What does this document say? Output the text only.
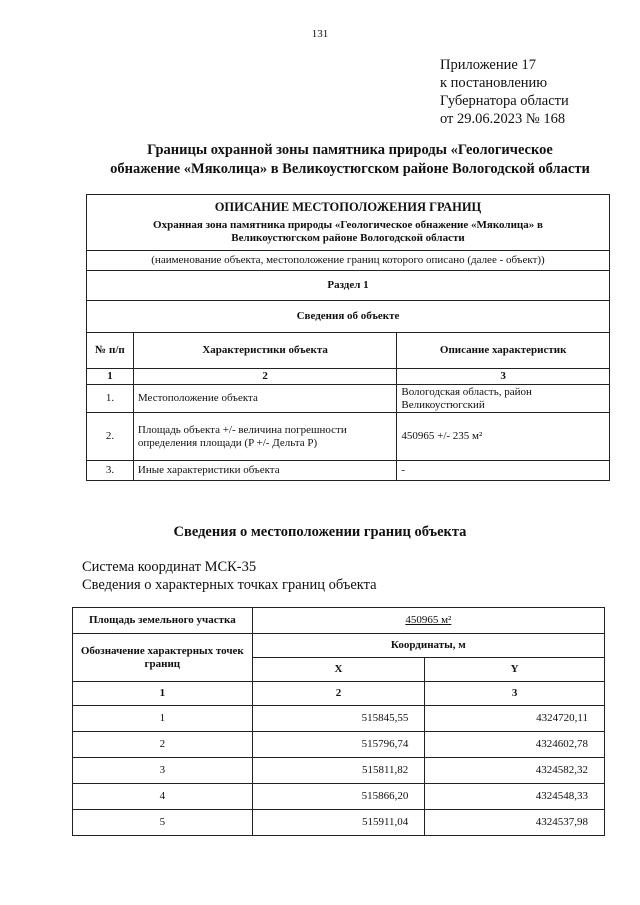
131
Приложение 17
к постановлению
Губернатора области
от 29.06.2023 № 168
Границы охранной зоны памятника природы «Геологическое
обнажение «Мяколица» в Великоустюгском районе Вологодской области
ОПИСАНИЕ МЕСТОПОЛОЖЕНИЯ ГРАНИЦ
Охранная зона памятника природы «Геологическое обнажение «Мяколица» в Великоустюгском районе Вологодской области		

(наименование объекта, местоположение границ которого описано (далее - объект))		
Раздел 1		
Сведения об объекте		
№ п/п	Характеристики объекта	Описание характеристик
1	2	3
1.	Местоположение объекта	Вологодская область, район Великоустюгский
2.	Площадь объекта +/- величина погрешности определения площади (P +/- Дельта P)	450965 +/- 235 м²
3.	Иные характеристики объекта	-
Сведения о местоположении границ объекта
Система координат МСК-35
Сведения о характерных точках границ объекта
Площадь земельного участка	450965 м²	
Обозначение характерных точек границ	Координаты, м	
	X	Y
1	2	3
1	515845,55	4324720,11
2	515796,74	4324602,78
3	515811,82	4324582,32
4	515866,20	4324548,33
5	515911,04	4324537,98
